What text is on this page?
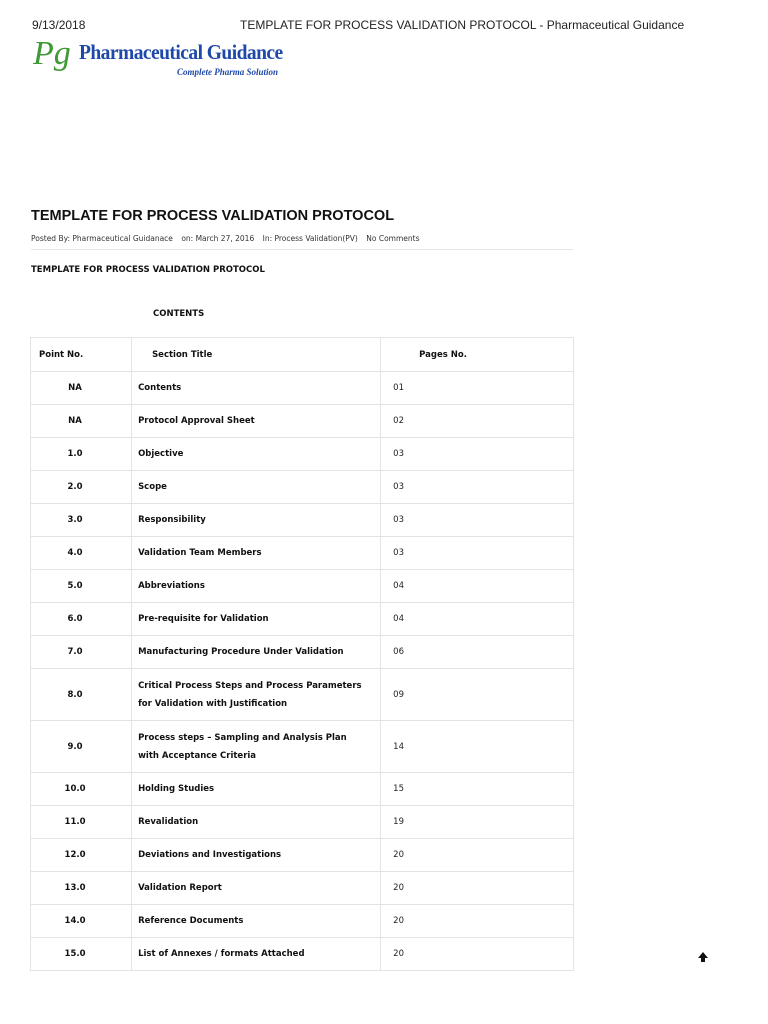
9/13/2018	TEMPLATE FOR PROCESS VALIDATION PROTOCOL - Pharmaceutical Guidance
Pg Pharmaceutical Guidance
Complete Pharma Solution
TEMPLATE FOR PROCESS VALIDATION PROTOCOL
Posted By: Pharmaceutical Guidanace on: March 27, 2016 In: Process Validation(PV) No Comments
TEMPLATE FOR PROCESS VALIDATION PROTOCOL
CONTENTS
Point No.	Section Title	Pages No.
NA	Contents	01
NA	Protocol Approval Sheet	02
1.0	Objective	03
2.0	Scope	03
3.0	Responsibility	03
4.0	Validation Team Members	03
5.0	Abbreviations	04
6.0	Pre-requisite for Validation	04
7.0	Manufacturing Procedure Under Validation	06
8.0	Critical Process Steps and Process Parameters for Validation with Justification	09
9.0	Process steps – Sampling and Analysis Plan with Acceptance Criteria	14
10.0	Holding Studies	15
11.0	Revalidation	19
12.0	Deviations and Investigations	20
13.0	Validation Report	20
14.0	Reference Documents	20
15.0	List of Annexes / formats Attached	20
